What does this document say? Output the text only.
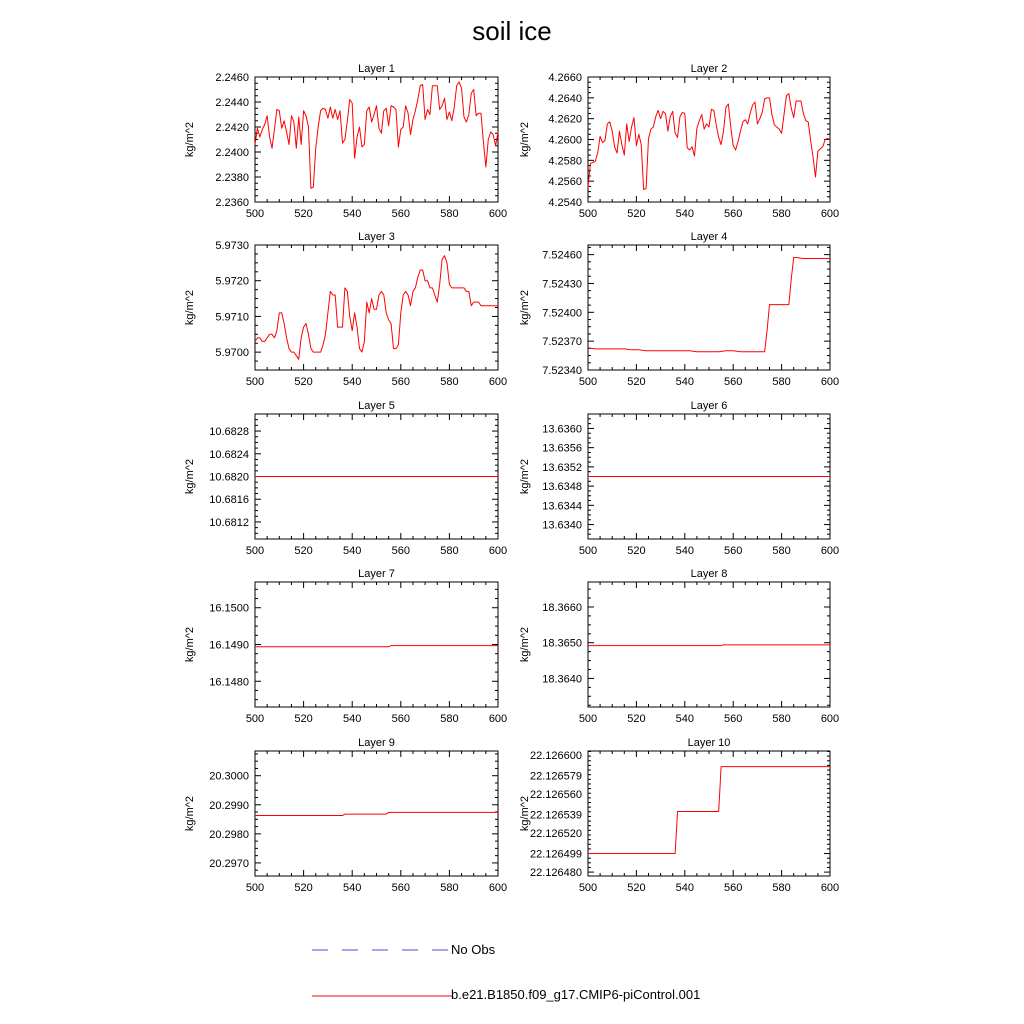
soil ice
Layer 1
500	520	540	560	580	600
2.2360
2.2380
2.2400
2.2420
2.2440
2.2460
kg/m^2
Layer 2
500	520	540	560	580	600
4.2540
4.2560
4.2580
4.2600
4.2620
4.2640
4.2660
kg/m^2
Layer 3
500	520	540	560	580	600
5.9700
5.9710
5.9720
5.9730
kg/m^2
Layer 4
500	520	540	560	580	600
7.52340
7.52370
7.52400
7.52430
7.52460
kg/m^2
Layer 5
500	520	540	560	580	600
10.6812
10.6816
10.6820
10.6824
10.6828
kg/m^2
Layer 6
500	520	540	560	580	600
13.6340
13.6344
13.6348
13.6352
13.6356
13.6360
kg/m^2
Layer 7
500	520	540	560	580	600
16.1480
16.1490
16.1500
kg/m^2
Layer 8
500	520	540	560	580	600
18.3640
18.3650
18.3660
kg/m^2
Layer 9
500	520	540	560	580	600
20.2970
20.2980
20.2990
20.3000
kg/m^2
Layer 10
500	520	540	560	580	600
22.126480
22.126499
22.126520
22.126539
22.126560
22.126579
22.126600
kg/m^2
No Obs
b.e21.B1850.f09_g17.CMIP6-piControl.001
